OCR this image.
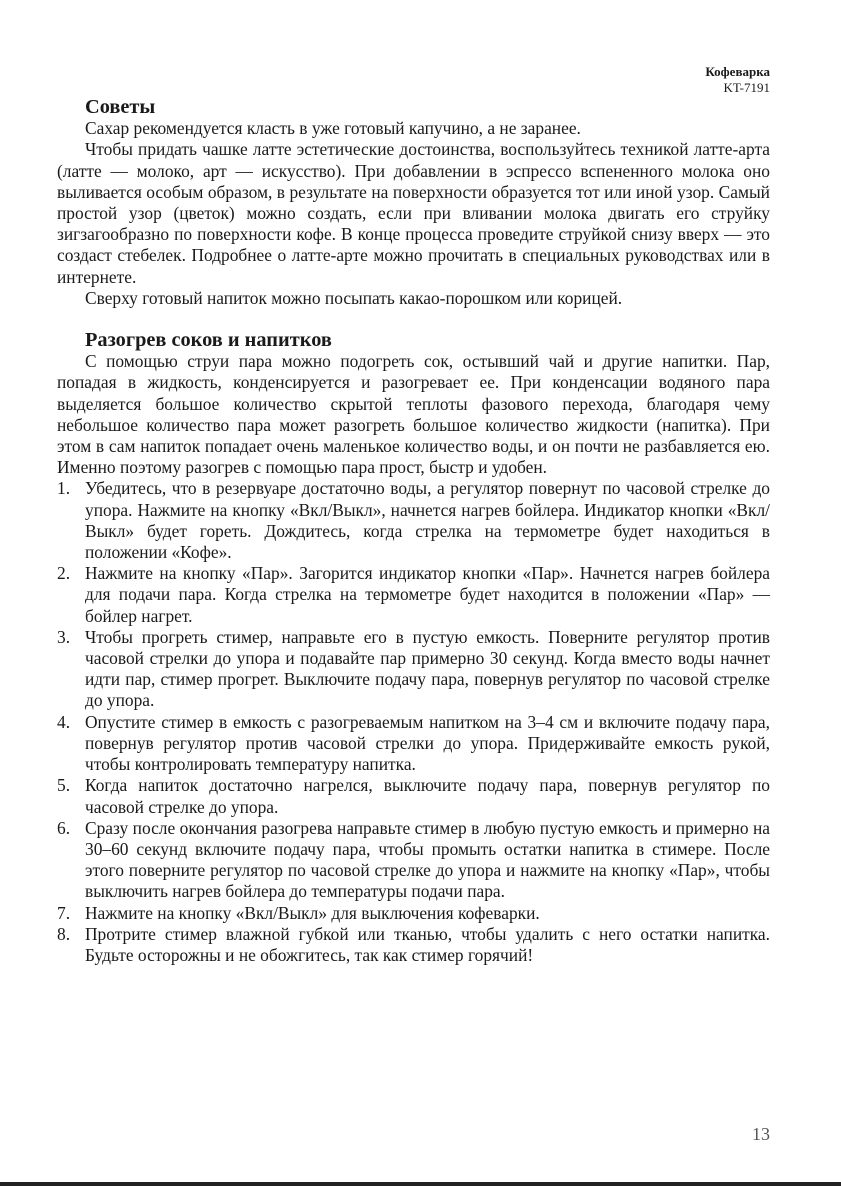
Кофеварка
KT-7191
Советы

Сахар рекомендуется класть в уже готовый капучино, а не заранее.

Чтобы придать чашке латте эстетические достоинства, воспользуйтесь техникой латте-арта (латте — молоко, арт — искусство). При добавлении в эспрессо вспененного молока оно выливается особым образом, в результате на поверхности образуется тот или иной узор. Самый простой узор (цветок) можно создать, если при вливании молока двигать его струйку зигзагообразно по поверхности кофе. В конце процесса проведите струйкой снизу вверх — это создаст стебелек. Подробнее о латте-арте можно прочитать в специальных руководствах или в интернете.

Сверху готовый напиток можно посыпать какао-порошком или корицей.

Разогрев соков и напитков

С помощью струи пара можно подогреть сок, остывший чай и другие напитки. Пар, попадая в жидкость, конденсируется и разогревает ее. При конденсации водяного пара выделяется большое количество скрытой теплоты фазового перехода, благодаря чему небольшое количество пара может разогреть большое количество жидкости (напитка). При этом в сам напиток попадает очень маленькое количество воды, и он почти не разбавляется ею. Именно поэтому разогрев с помощью пара прост, быстр и удобен.

1. Убедитесь, что в резервуаре достаточно воды, а регулятор повернут по часовой стрелке до упора. Нажмите на кнопку «Вкл/Выкл», начнется нагрев бойлера. Индикатор кнопки «Вкл/Выкл» будет гореть. Дождитесь, когда стрелка на термометре будет находиться в положении «Кофе».
2. Нажмите на кнопку «Пар». Загорится индикатор кнопки «Пар». Начнется нагрев бойлера для подачи пара. Когда стрелка на термометре будет находится в положении «Пар» — бойлер нагрет.
3. Чтобы прогреть стимер, направьте его в пустую емкость. Поверните регулятор против часовой стрелки до упора и подавайте пар примерно 30 секунд. Когда вместо воды начнет идти пар, стимер прогрет. Выключите подачу пара, повернув регулятор по часовой стрелке до упора.
4. Опустите стимер в емкость с разогреваемым напитком на 3–4 см и включите подачу пара, повернув регулятор против часовой стрелки до упора. Придерживайте емкость рукой, чтобы контролировать температуру напитка.
5. Когда напиток достаточно нагрелся, выключите подачу пара, повернув регулятор по часовой стрелке до упора.
6. Сразу после окончания разогрева направьте стимер в любую пустую емкость и примерно на 30–60 секунд включите подачу пара, чтобы промыть остатки напитка в стимере. После этого поверните регулятор по часовой стрелке до упора и нажмите на кнопку «Пар», чтобы выключить нагрев бойлера до температуры подачи пара.
7. Нажмите на кнопку «Вкл/Выкл» для выключения кофеварки.
8. Протрите стимер влажной губкой или тканью, чтобы удалить с него остатки напитка. Будьте осторожны и не обожгитесь, так как стимер горячий!
13
